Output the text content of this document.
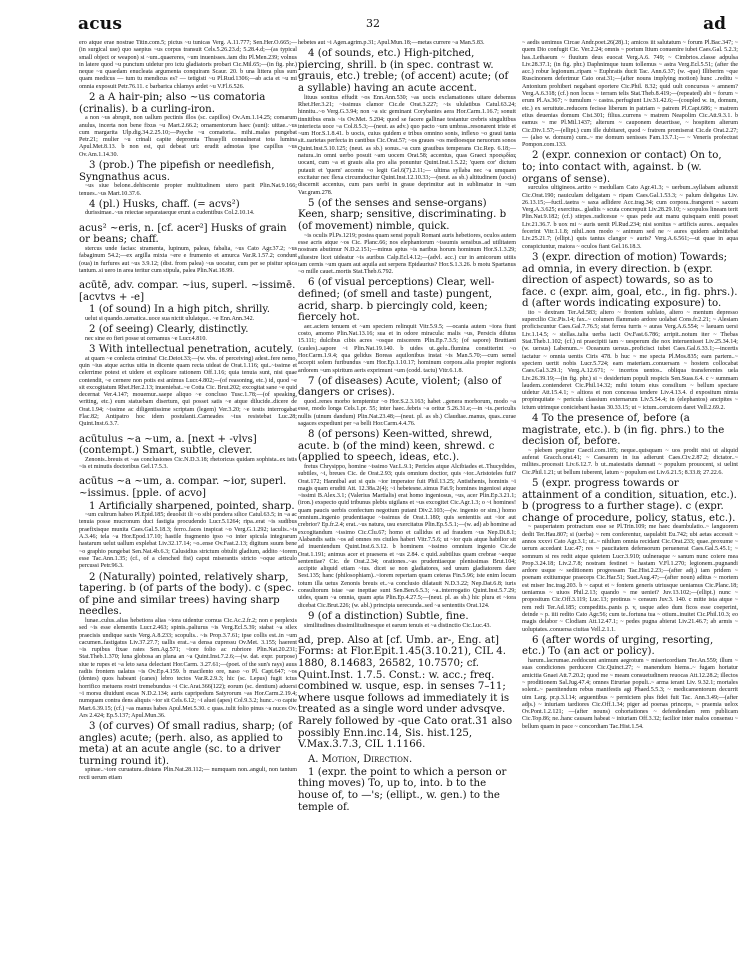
acus	32	ad
ero atque erae nostrae Titin.com.5; pictus ~u tunicas Verg. A.11.777; Sen.Her.O.665;—(in surgical use) quo saepius ~us corpus transuit Cels.5.26.23.d; 5.28.4.d;—(as typical small object or weapon) si ~um..quaereres, ~um inuenisses..iam diu Pl.Men.239; volnus in latere quod ~u punctum uidetur pro ictu gladiatoris probari Cic.Mil.65;—(in fig. phr.) neque ~u quaedam enucleata argumenta conquiram Scaur. 20. b una littera plus sum quam medicus — tum tu mendicus es? — tetigisti ~u Pl.Rud.1306;—ab acia et ~u mi omnia exposuit Petr.76.11. c barbarica chlamys ardet ~u V.Fl.6.526.
2 a A hair-pin; also ~us comatoria (crinalis). b a curling-iron.
a non ~us abrupit, non uallum pectinis illos (sc. capillos) Ov.Am.1.14.25; comarum anulus, incerta non bene fixus ~u Mart.2.66.2; ornamentorum haec (sunt): uittae..~us cum margarita Ulp.dig.34.2.25.10;—Psyche ~u comatoria.. mihi..malas pungebat Petr.21; mulier ~u crinali capite depromta Thrasylli conuulnerat tota lumina Apul.Met.8.13. b non est, qui debeat uri: erudit admotas ipse capillus ~us Ov.Am.1.14.30.
3 (prob.) The pipefish or needlefish, Syngnathus acus.
~us siue belone..dehiscente propter multitudinem utero parit Plin.Nat.9.166; tenues..~us Mart.10.37.6.
4 (pl.) Husks, chaff. (= acvs²)
durissimae..~us reiectae separataeque erunt a cudentibus Col.2.10.14.
acus² ~eris, n. [cf. acer²] Husks of grain or beans; chaff.
stercus unde facias: stramenta, lupinum, paleas, fabalia, ~us Cato Agr.37.2; ~us fabaginum 54.2;—ex argilla mixta ~ere e frumento et amurca Var.R.1.57.2; condunt (oua) in furfures aut ~us 3.9.12; (dist. from palea) ~us uocatur, cum per se pisitur spica tantum..si uero in area teritur cum stipula, palea Plin.Nat.18.99.
acūtē, adv. compar. ~ius, superl. ~issimē. [acvtvs + -e]
1 (of sound) In a high pitch, shrilly.
uelut si quando..uenatica..uoce sua nictit ululatque.. ~e Enn.Ann.342.
2 (of seeing) Clearly, distinctly.
nec sine eo fieri posse ut cernamus ~e Lucr.4.810.
3 With intellectual penetration, acutely.
at quam ~e conlecta crimina! Cic.Deiot.33;—(w. vbs. of perceiving) adest..fere nemo, quin ~ius atque acrius uitia in dicente quam recta uideat de Orat.1.116; qui..~issime et celerrime potest et uidere et explicare rationem Off.1.16; quia tenuia sunt, nisi quae contendit, ~e cernere non potis est animus Lucr.4.802;—(of reasoning, etc.) id, quod ~e sit excogitatum Rhet.Her.2.13; inueniebat..~e Cotta Cic. Brut.202; excogitat sane ~e quid decernat Ver.4.147; mouemur..saepe aliquo ~e concluso Tusc.1.78;—(of speaking, writing, etc.) eum statuebam disertum, qui posset satis ~e atque dilucide..dicere de Orat.1.94; ~issime ac diligentissime scriptam (legem) Ver.3.20; ~e testis interrogabat Flac.82; Antipatro hoc idem postulanti..Carneades ~ius resistebat Luc.28; Quint.Inst.6.3.7.
acūtulus ~a ~um, a. [next + -vlvs] (contempt.) Smart, subtle, clever.
Zenonis..breuis et ~as conclusiones Cic.N.D.3.18; rhetoricus quidam sophista..ex istis ~is et minutis doctoribus Gel.17.5.3.
acūtus ~a ~um, a. compar. ~ior, superl. ~issimus. [pple. of acvo]
1 Artificially sharpened, pointed, sharp.
~um cultrum habeo Pl.Epid.185; deuolsit ili ~o sibi pondera silice Catul.63.5; in ~a ac tenuia posse mucronum duci fastigia procudendo Lucr.5.1264; ripa..erat ~is sudibus praefixisque munita Caes.Gal.5.18.3; ferro..faces inspicat ~o Verg.G.1.292; iaculis..~is A.3.46; tela ~a Hor.Epod.17.10; hastile fragmento ipso ~o inter spicula integrarum hastarum uelut uallum explebat Liv.32.17.14; ~o..ense Ov.Fast.2.13; digitum suum bene ~o graphio pungebat Sen.Nat.4b.6.3; Calusidius strictum obtulit gladium, addito ~iorem esse Tac.Ann.1.35; (cf., of a clenched fist) caput miserantis stricto ~oque articulo percussi Petr.96.3.
2 (Naturally) pointed, relatively sharp, tapering. b (of parts of the body). c (spec. of pine and similar trees) having sharp needles.
lunae..culus..alias hebetiora alias ~iora uidentur cornua Cic.Ac.2.fr.2; non e perplexis sed ~is esse elementis Lucr.2.463; spinis..paliurus ~is Verg.Ecl.5.39; stabat ~a silex praecisis undique saxis Verg.A.8.233; scopulis.. ~is Prop.3.7.61; ipse collis est..in ~um cacumen..fastigatus Liv.37.27.7; uallis erat..~a densa cupressu Ov.Met. 3.155; haerent ~is rupibus fixae rates Sen.Ag.571; ~iore folio ac rubriore Plin.Nat.20.231; Stat.Theb.1.370; luna globosa an plana an ~a Quint.Inst.7.2.6;—(w. dat. expr. purpose) siue te rupes et ~a leto saxa delectant Hor.Carm. 3.27.61;—(poet. of the sun's rays) auus radiis frontem ualatus ~is Ov.Ep.4.159. b macilento ore, naso ~o Pl. Capt.647; ~os (dentes) quos habeant (canes) lebro tectos Var.R.2.9.3; hic (sc. Lepus) fugit ictus horrifico metuens rostri tremebundus ~i Cic.Arat.366(122); eorum (sc. dentium) aduersi ~i morsu diuidunt escas N.D.2.134; auris capripedum Satyrorum ~as Hor.Carm.2.19.4; numquam contra dens aliquis ~ior sit Cels.6.12; ~i aluei (apes) Col.9.3.2; hunc..~o capite Mart.6.39.15; (cf.) ~as manus habes Apul.Met.5.30. c quas..tulit folio pinus ~a nuces Ov. Ars 2.424; Ep.5.137; Apul.Mun.36.
3 (of curves) Of small radius, sharp; (of angles) acute; (perh. also, as applied to meta) at an acute angle (sc. to a driver turning round it).
spinae..~iore curuatura..distans Plin.Nat.28.112;— numquam non..anguli, non tantum recti uerum etiam
hebetes aut ~i Agen.agrim.p.31; Apul.Mun.18;—metas currere ~a Man.5.83.
4 (of sounds, etc.) High-pitched, piercing, shrill. b (in spec. contrast w. grauis, etc.) treble; (of accent) acute; (of a syllable) having an acute accent.
lituus sonitus effudit ~os Enn.Ann.530; ~as uocis exclamationes uitare debemus Rhet.Her.3.21; ~issimus clamor Cic.de Orat.3.227; ~is ululatibus Catul.63.24; hinnitu..~o Verg.G.3.94; non ~a sic geminant Corybantes aera Hor.Carm.1.16.7; sonuit tinnitibus ensis ~is Ov.Met. 5.204; quod se facere gallinae testantur crebris singultibus interiecta uoce ~a Col.8.5.3;—(neut. as adv.) quo pacto ~um umbras..resonarent triste et ~um Hor.S.1.8.41. b uocis, cuius quidem e tribus omnino sonis, inflexo ~o graui tanta sit..uarietas perfecta in cantibus Cic.Orat.57; ~os graues ~os medioesque neruorum sonos Quint.Inst.5.10.125; (neut. as sb.) sonus..~a cum grauibus temperans Cic.Rep. 6.18;—natura..in omni uerbo posuit ~am uocem Orat.58; accentus, quas Graeci προσῳδίας uocant, cum ~a et grauis alia pro alia ponuntur Quint.Inst.1.5.22; 'quem cor' dictum putauit et 'quem' accentu ~o legit Gel.6(7).2.11;— ultima syllaba nec ~a umquam excitatur nec flexa circumducitur Quint.Inst.12.10.33;—(neut. as sb.) altitudinem (uocis) discernit accentus, cum pars uerbi in graue deprimitur aut in sublimatur in ~um Var.gram.278.
5 (of the senses and sense-organs) Keen, sharp; sensitive, discriminating. b (of movement) nimble, quick.
~is oculis Pl.Ps.1219; postea quam sensi populi Romani auris hebetiores, oculos autem esse acris atque ~os Cic. Planc.66; nos elephantorum ~issumis sensibus..ad utilitatem nostram abutimur N.D.2.151;—minus aptus ~is naribus horum hominum Hor.S.1.3.29; siluestre licet uideatur ~is auribus Calp.Ecl.4.12;—(advl. acc.) cur in amicorum uitiis tam cernis ~um quam aut aquila aut serpens Epidaurius? Hor.S.1.3.26. b motu Spartanus ~o mille cauet..mortis Stat.Theb.6.792.
6 (of visual perceptions) Clear, well-defined; (of smell and taste) pungent, acrid, sharp. b piercingly cold, keen; fiercely hot.
aer..aciem tenuem et ~am speciem relinquit Vitr.5.9.5; —ocania autem ~iora fiunt costo, amomo Plin.Nat.13.16; sua et in odore miracula: malis ~us, Persicis dilutus 15.111; dulcibus cibis acres ~osque miscerem Plin.Ep.7.3.5; (of sapore) Bruttiani (caules)..sapore ~i Plin.Nat.19.140. b uides ut..gelu..flumina constiterint ~o Hor.Carm.1.9.4; qua gelidus Boreas aquilonibus instat ~is Man.5.70;—cum semel accepit solem furibundus ~um Hor.Ep.1.10.17; hominum corpora..alia propter regionis ardorem ~um spiritum aeris exprimunt ~um (codd. tactu) Vitr.6.1.8.
7 (of diseases) Acute, violent; (also of dangers or crises).
quod..renes morbo temptentur ~o Hor.S.2.3.163; habet ..genera morborum, modo ~a esse, modo longa Cels.1.pr. 55; inter haec..febris ~a oritur 5.26.31.e;—in ~is..periculis nullis (uinum dandum) Plin.Nat.23.48;—(neut. pl. as sb.) Claudiae..manus, quas..curae sagaces expediunt per ~a belli Hor.Carm.4.4.76.
8 (of persons) Keen-witted, shrewd, acute. b (of the mind) keen, shrewd. c (applied to speech, ideas, etc.).
fretus Chrysippo, homine ~issimo Var.L.9.1; Pericles atque Alcibiades et..Thucydides, subtiles, ~i, breues Cic. de Orat.2.93; quis omnium doctior, quis ~ior..Aristoteles fuit? Orat.172; Hannibal aut si quis ~ior imperator fuit Phil.13.25; Antisthenis, hominis ~i magis quam eruditi Att. 12.38a.2(4); ~i hebetesne..simus Fat.9; homines ingeniosi atque ~issimi B.Alex.3.1; (Valerius Martialis) erat homo ingeniosus, ~us, acer Plin.Ep.3.21.1; (iron.) exspecto quid tribunus plebis uigilans et ~us excogitet Cic.Agr.1.3; o ~i homines! quam paucis uerbis confectum negotium putant Div.2.103;—(w. ingenio or sim.) homo omnium..ingenio prudentiaque ~issimus de Orat.1.180; quis sententiis aut ~ior aut crebrior? Ep.fr.2.4; erat..~us natura, usu exercitatus Plin.Ep.5.5.1;—(w. ad) ab homine ad excogitandum ~issimo Cic.Clu.67; homo et callidus et ad fraudem ~us Nep.Di.8.1; Alabandis satis ~os ad omnes res ciuiles haberi Vitr.7.5.6; ut ~ior quis atque habilior sit ad inueniendum Quint.Inst.6.3.12. b hominem ~issimo omnium ingenio Cic.de Orat.1.191; animus acer et praesens et ~us 2.84. c quid..subtilius quam crebrae ~aeque sententiae? Cic. de Orat.2.34; orationes..~as prudentiaeque plenissimas Brut.104; accipite aliquid etiam ~ius. dicet se non gladiatores, sed unum gladiatorem dare Sest.135; hanc (philosophiam)..~iorem repertam quam ceteras Fin.5.96; iste enim locum totum illa uetus Zenonis breuis et..~a conclusio dilatauit N.D.3.22; Nep.Dat.6.8; iuris consultorum istae ~ae ineptiae sunt Sen.Ben.6.5.3; ~a..interrogatio Quint.Inst.5.7.29; uides, quam ~a omnia, quam apta Plin.Ep.4.27.5;—(neut. pl. as sb.) hic plura et ~iora dicebat Cic.Brut.226; (w. abl.) principia uerecunda..sed ~a sententiis Orat.124.
9 (of a distinction) Subtle, fine.
similitudines dissimilitudinesque et earum tenuis et ~a distinctio Cic.Luc.43.
ad, prep. Also at [cf. Umb. ar-, Eng. at] Forms: at Flor.Epit.1.45(3.10.21), CIL 4. 1880, 8.14683, 26582, 10.7570; cf. Quint.Inst. 1.7.5. Const.: w. acc.; freq. combined w. usque, esp. in senses 7–11; where usque follows ad immediately it is treated as a single word under advsqve. Rarely followed by -que Cato orat.31 also possibly Enn.inc.14, Sis. hist.125, V.Max.3.7.3, CIL 1.1166.
A. Motion, Direction.
1 (expr. the point to which a person or thing moves) To, up to, into. b to the house of, to —'s; (ellipt., w. gen.) to the temple of.
~ aedis uenimus Circae Andr.poet.26(28).1; amicos iit salutatum ~ forum Pl.Bac.347; ~ quem Dio confugit Cic. Ver.2.24; omnis ~ portum Itium conuenire iubet Caes.Gal. 5.2.3; has..Lethaeum ~ fluuium deus euocat Verg.A.6. 749; ~ Cimbrios..classe adpulsa Liv.28.37.1; (in fig. phr.) Daphnimque tuum tollemus ~ astra Verg.Ecl.5.51; (after the acc.) robur legionum..ripam ~ Euphratis ducit Tac. Ann.6.37; (w. -que) Illiberim ~que Ruscinonem deferimur Cato orat.31;—(after nouns implying motion) hunc ..reditu ~ Antonium prohiberi negabant oportere Cic.Phil. 8.32; quid uult concursus ~ amnem? Verg.A.6.318; (cf.) non locus ~ terram telis Stat.Theb.8.419;—(repeated) abi ~ forum ~ erum Pl.As.367; ~ tumulum ~ castra..perfugiunt Liv.31.42.6;—(coupled w. in, domum, etc.) ex seruitute..reducem fecisse liberum in patriam ~ patrem Pl.Capt.686; ~ matrem eiius deuenias domum Cist.301; filius..currens ~ matrem Neapolim Cic.Att.9.3.1. b eamus ~ me Pl.Mil.1437; alterum ~ cauponem deuertisse, ~ hospitem alterum Cic.Div.1.57;—(ellipt.) cum ille dubitaret, quod ~ fratrem promiserat Cic.de Orat.2.27;— (also w. domum) cum..~ me domum uenisses Fam.13.7.1;— ~ Veneris profectust Pompon.com.133.
2 (expr. connexion or contact) On to, to; into contact with, against. b (w. organs of sense).
surculos ultigineos..artito ~ medullam Cato Agr.41.3; ~ uerbum..syllabam adiunxit Cic.Orat.190; nauiculam deligatam ~ ripam Caes.Gal.1.53.3; ~ palum deligatus Liv. 26.13.15;—fuctl..taetra ~ saxa adlidere Acc.trag.34; cum corpora..frangeret ~ saxum Verg.A.3.625; exercitus.. gladiis ~ scuta concrepuit Liv.28.29.10; ~ scopulos lineam terit Plin.Nat.9.182; (cf.) stirpes..radicesue ~ quas pede aut manu quisquam eniti posset Liv.21.36.7. b uox mi ~ auris uenit Pl.Rud.234; nisi sonitus ~ artificis aures.. aequales fecerint Vitr.1.1.8; nihil..non modo ~ animum sed ne ~ aures quidem admittebat Liv.25.21.7; (ellipt.) quis tantus clangor ~ auris? Verg.A.6.561;—ut quae in aqua conspiciuntur, maiora ~ oculos fiant Gel.16.18.3.
3 (expr. direction of motion) Towards; ad omnia, in every direction. b (expr. direction of aspect) towards, so as to face. c (expr. aim, goal, etc., in fig. phrs.). d (after words indicating exposure) to.
ito ~ dextram Ter.Ad.583; altero ~ frontem sublato, altero ~ mentum depresso supercilio Cic.Pis.14; fax..~ columen flammato ardore uolabat Cons.fr.2.21; ~ Alesiam proficiscuntur Caes.Gal.7.76.5; stat ferrea turris ~ auras Verg.A.6.554; ~ laeuam uersi Liv.1.14.5; ~ stellas..talia uerba iacit Ov.Fast.6.786; arripit..notum iter ~ Thebas Stat.Theb.1.102; (cf.) ni praecipiti iam ~ uesperum die nox interuenisset Liv.25.34.14; (w. uersus) Labenum..~ Oceanum uersus..proficisci iubet Caes.Gal.6.33.1;—incertis iactatur ~ omnia uentis Ciris 478. b huc ~ me specta Pl.Mos.835; eam partem..~ speciem uertit nobis Lucr.5.724; eam materiam..conuersam ~ hostem collocabat Caes.Gal.3.29.1; Verg.A.12.671; ~ incertos uentos.. obliqua transferentes uela Liv.26.39.19;—(in fig. phr.) si ~ desiderium populi respicis Sen.Suas.6.4. c ~ summam laudem..contenderet Cic.Phil.14.32; mihi totum eius consilium ~ bellum spectare uidetur Att.15.4.1; ~ altiora et non concessa tendere Liv.4.13.4. d expositum nimia propinquitate ~ pericula classium externarum Liv.5.54.4; in (elephantos) ancipites ~ ictum utrimque coniciebant hastas 30.33.15; ut ~ ictum..ceruicem daret Vell.2.69.2.
4 To the presence of, before (a magistrate, etc.). b (in fig. phrs.) to the decision of, before.
~ plebem pergitur Caecil.com.185; neque..quisquam ~ uos prodit nisi ut aliquid auferat Gracch.orat.41; ~ Caesarem in ius adierunt Caes.Civ.2.87.2; dictator..~ milites..processit Liv.6.12.7. b ut..maiestatis damnati ~ populum prouocent, si uelint Cic.Phil.1.21; ut bellum iuberent, latum ~ populum est Liv.6.21.5; 8.33.8; 27.22.6.
5 (expr. progress towards or attainment of a condition, situation, etc.). b (progress to a further stage). c (expr. change of procedure, policy, status, etc.).
~ paupertatem protractum esse se Pl.Trin.109; me haec deambulatio..~ languorem dedit Ter.Hau.807; si (uerba) ~ rem conferentur, uapulabit Eu.742; ubi aetas accessit ~ annos xxxvi Cato Agr.3.1; ut..~ nihilum omnia recidant Cic.Orat.233; quae..proxume ~ uerum accedant Luc.47; res ~ paucitatem defensorum peruenerat Caes.Gal.5.45.1; ~ somnum si res redit atque quietem Lucr.3.910; uulneraque ~ sanum nunc coiere mea Prop.3.24.18; Liv.2.7.8; nostram festinet ~ hastam V.Fl.1.270; legionem..pugnandi ardore usque ~ seditionem progressam Tac.Hist.2.23;—(after adj.) iam pridem ~ poenam exitiumque praeceps Cic.Har.51; Suet.Aug.47;—(after noun) aditus ~ mortem est miser Inc.trag.203. b ~ caput et ~ fontem generis utriusque ueniamus Cic.Planc.18; ueniamus ~ uiuos Phil.2.13; quando ~ me ueniet? Juv.13.102;—(ellipt.) nunc ~ propositum Cic.Off.3.119; Luc.13; protinus ~ censum Juv.3. 140. c mitte ista atque ~ rem redi Ter.Ad.185; compeditis..panis p. v, usque adeo dum ficos esse coeperint, deinde ~ p. iiii redito Cato Agr.56; cum te..fortuna tua ~ otium..inuitet Cic.Phil.10.3; eo magis delabor ~ Clodiam Att.12.47.1; ~ pedes pugna abierat Liv.21.46.7; ab armis ~ uoluptates..conuersa ciuitas Vell.2.1.1.
6 (after words of urging, resorting, etc.) To (an act or policy).
harum..lacrumae..reddocunt animum aegrotum ~ misericordiam Ter.An.559; illum ~ suas condiciones perducere Cic.Quinct.27; ~ manendum hiems..~ fugam hortatur amicitia Gnaei Att.7.20.2; quod me ~ meam consuetudinem reuocas Att.12.28.2; illectos ~ proditionem Sal.Jug.47.4; omnes Etruriae populi..~ arma ierant Liv. 9.32.1; mortales solent..~ paenitendum rebus manifestis agi Phaed.5.5.3; ~ medicamentorum decurrit uim Larg. pr.p.3.l.14; arguentibus ~ perniciem plus fidei fuit Tac. Ann.3.49;—(after adjs.) ~ iniuriam tardiores Cic.Off.1.34; piger ad poenas princeps, ~ praemia uelox Ov.Pont.1.2.121; —(after nouns) cohortationes ~ defendendam rem publicam Cic.Top.86; ne..hanc causam habeat ~ iniuriam Off.3.32; facilior inter malos consensu ~ bellum quam in pace ~ concordiam Tac.Hist.1.54.
